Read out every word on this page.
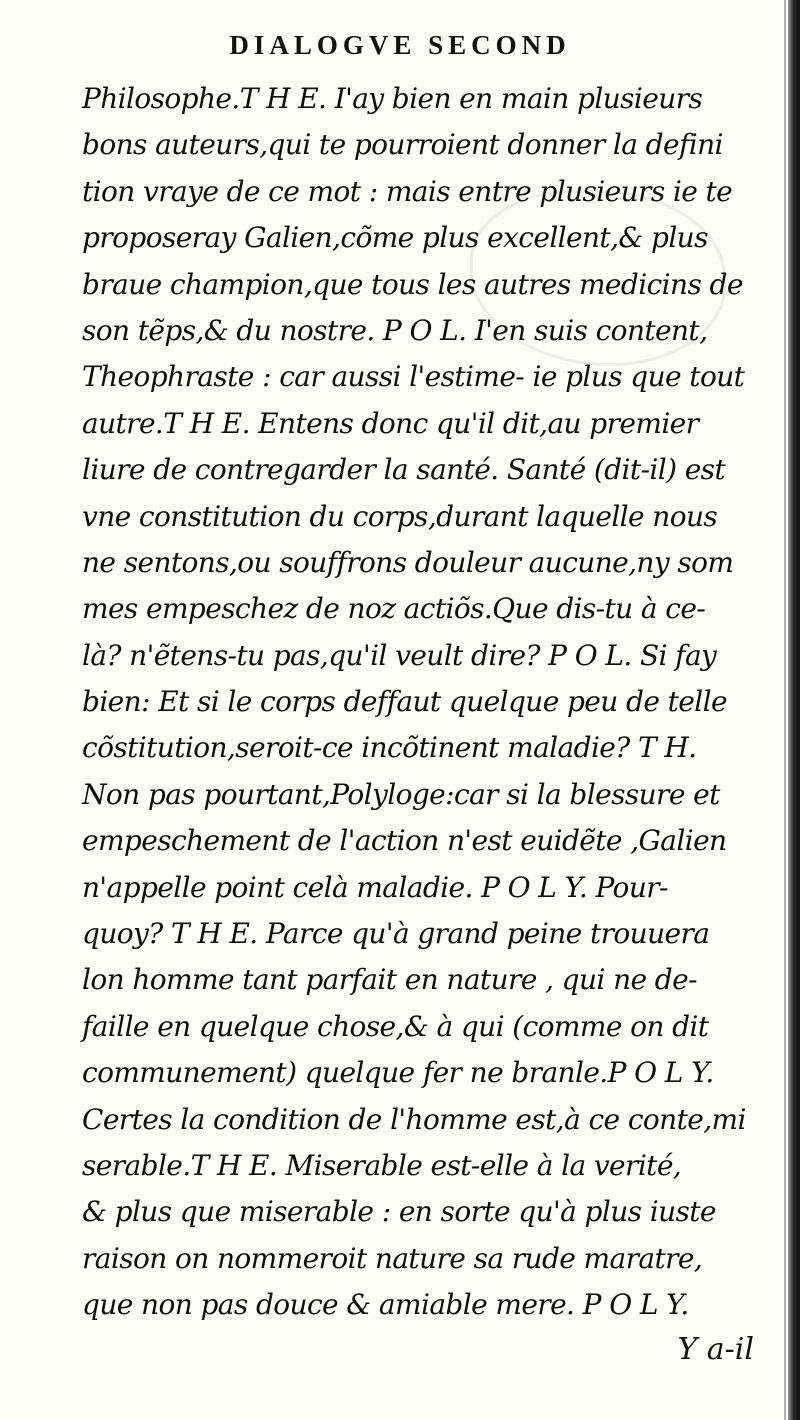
DIALOGVE SECOND
Philosophe.T H E. I'ay bien en main plusieurs
bons auteurs,qui te pourroient donner la defini
tion vraye de ce mot : mais entre plusieurs ie te
proposeray Galien,cõme plus excellent,& plus
braue champion,que tous les autres medicins de
son tẽps,& du nostre. P O L. I'en suis content,
Theophraste : car aussi l'estime- ie plus que tout
autre.T H E. Entens donc qu'il dit,au premier
liure de contregarder la santé. Santé (dit-il) est
vne constitution du corps,durant laquelle nous
ne sentons,ou souffrons douleur aucune,ny som
mes empeschez de noz actiõs.Que dis-tu à ce-
là? n'ẽtens-tu pas,qu'il veult dire? P O L. Si fay
bien: Et si le corps deffaut quelque peu de telle
cõstitution,seroit-ce incõtinent maladie? T H.
Non pas pourtant,Polyloge:car si la blessure et
empeschement de l'action n'est euidẽte ,Galien
n'appelle point celà maladie. P O L Y. Pour-
quoy? T H E. Parce qu'à grand peine trouuera
lon homme tant parfait en nature , qui ne de-
faille en quelque chose,& à qui (comme on dit
communement) quelque fer ne branle.P O L Y.
Certes la condition de l'homme est,à ce conte,mi
serable.T H E. Miserable est-elle à la verité,
& plus que miserable : en sorte qu'à plus iuste
raison on nommeroit nature sa rude maratre,
que non pas douce & amiable mere. P O L Y.
Y a-il
